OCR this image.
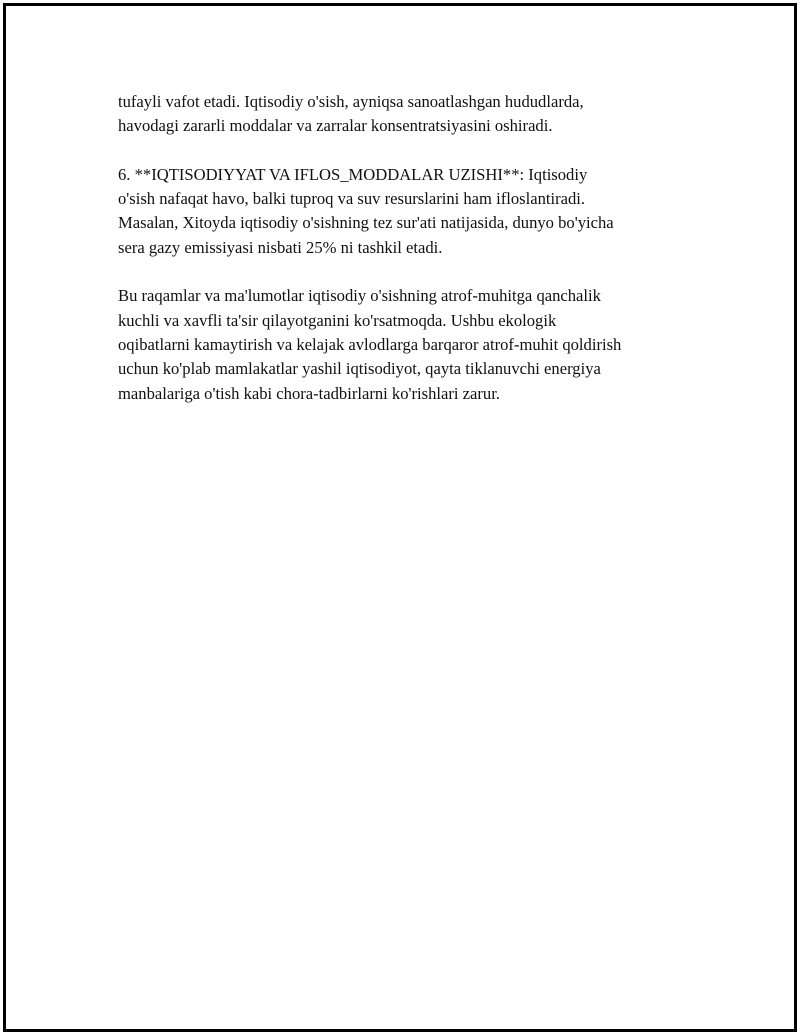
tufayli vafot etadi. Iqtisodiy o'sish, ayniqsa sanoatlashgan hududlarda,
havodagi zararli moddalar va zarralar konsentratsiyasini oshiradi.

6. **IQTISODIYYAT VA IFLOS_MODDALAR UZISHI**: Iqtisodiy
o'sish nafaqat havo, balki tuproq va suv resurslarini ham ifloslantiradi.
Masalan, Xitoyda iqtisodiy o'sishning tez sur'ati natijasida, dunyo bo'yicha
sera gazy emissiyasi nisbati 25% ni tashkil etadi.

Bu raqamlar va ma'lumotlar iqtisodiy o'sishning atrof-muhitga qanchalik
kuchli va xavfli ta'sir qilayotganini ko'rsatmoqda. Ushbu ekologik
oqibatlarni kamaytirish va kelajak avlodlarga barqaror atrof-muhit qoldirish
uchun ko'plab mamlakatlar yashil iqtisodiyot, qayta tiklanuvchi energiya
manbalariga o'tish kabi chora-tadbirlarni ko'rishlari zarur.
